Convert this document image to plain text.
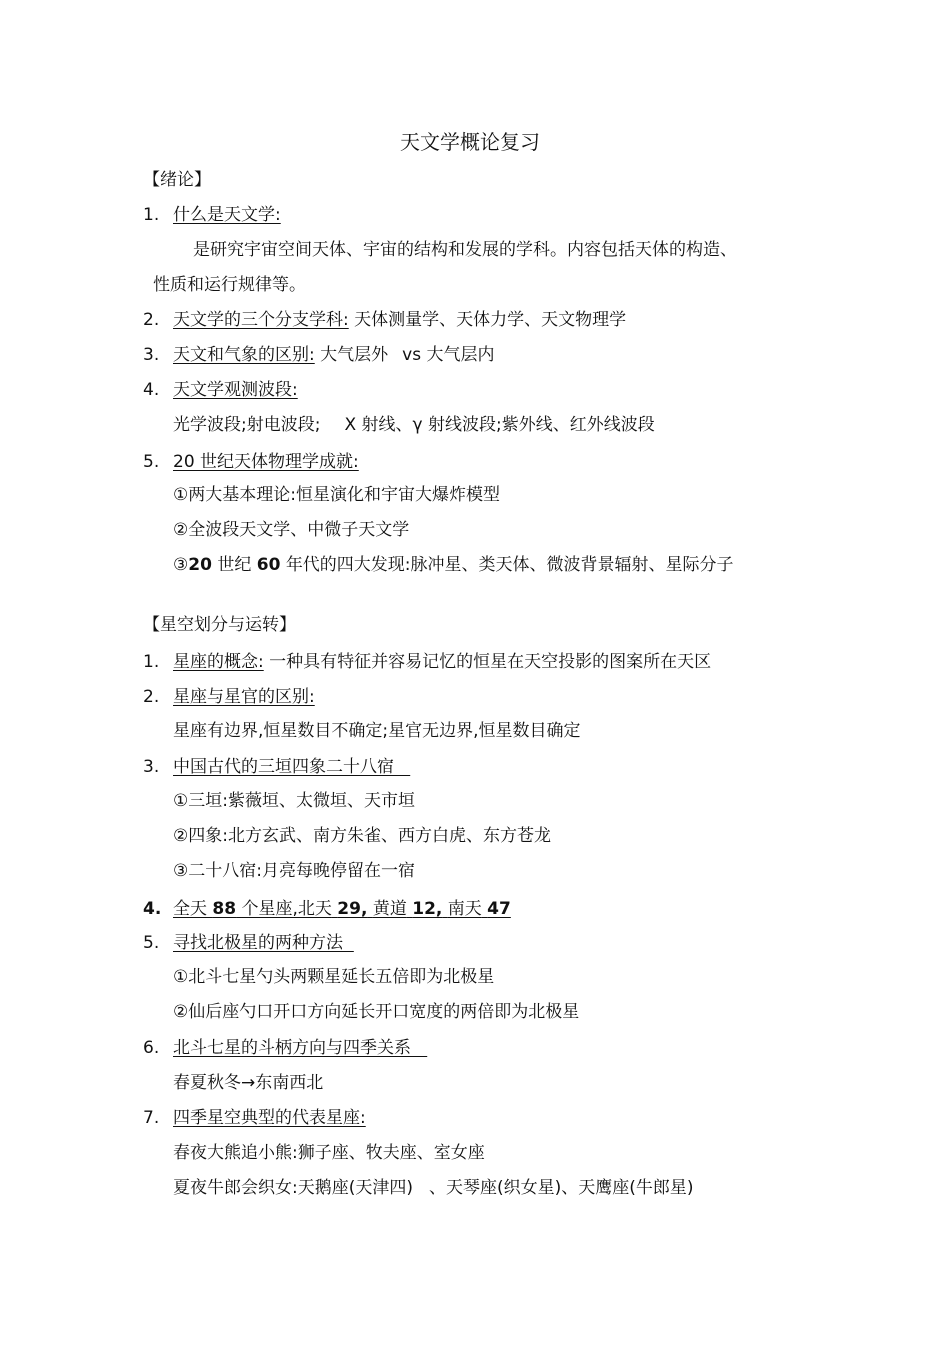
天文学概论复习
【绪论】
1. 什么是天文学:
是研究宇宙空间天体、宇宙的结构和发展的学科。内容包括天体的构造、
性质和运行规律等。
2. 天文学的三个分支学科: 天体测量学、天体力学、天文物理学
3. 天文和气象的区别: 大气层外 vs 大气层内
4. 天文学观测波段:
光学波段;射电波段; X 射线、γ 射线波段;紫外线、红外线波段
5. 20 世纪天体物理学成就:
①两大基本理论:恒星演化和宇宙大爆炸模型
②全波段天文学、中微子天文学
③20 世纪 60 年代的四大发现:脉冲星、类天体、微波背景辐射、星际分子
【星空划分与运转】
1. 星座的概念: 一种具有特征并容易记忆的恒星在天空投影的图案所在天区
2. 星座与星官的区别:
星座有边界,恒星数目不确定;星官无边界,恒星数目确定
3. 中国古代的三垣四象二十八宿
①三垣:紫薇垣、太微垣、天市垣
②四象:北方玄武、南方朱雀、西方白虎、东方苍龙
③二十八宿:月亮每晚停留在一宿
4. 全天 88 个星座,北天 29, 黄道 12, 南天 47
5. 寻找北极星的两种方法
①北斗七星勺头两颗星延长五倍即为北极星
②仙后座勺口开口方向延长开口宽度的两倍即为北极星
6. 北斗七星的斗柄方向与四季关系
春夏秋冬→东南西北
7. 四季星空典型的代表星座:
春夜大熊追小熊:狮子座、牧夫座、室女座
夏夜牛郎会织女:天鹅座(天津四) 、天琴座(织女星)、天鹰座(牛郎星)
